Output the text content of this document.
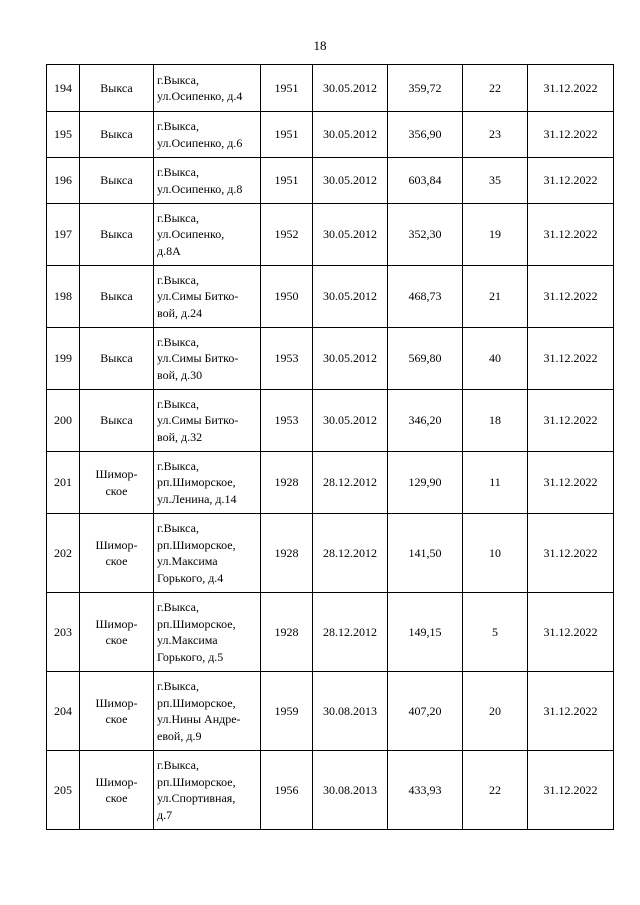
18
194	Выкса	г.Выкса,
ул.Осипенко, д.4	1951	30.05.2012	359,72	22	31.12.2022
195	Выкса	г.Выкса,
ул.Осипенко, д.6	1951	30.05.2012	356,90	23	31.12.2022
196	Выкса	г.Выкса,
ул.Осипенко, д.8	1951	30.05.2012	603,84	35	31.12.2022
197	Выкса	г.Выкса,
ул.Осипенко,
д.8А	1952	30.05.2012	352,30	19	31.12.2022
198	Выкса	г.Выкса,
ул.Симы Битко-
вой, д.24	1950	30.05.2012	468,73	21	31.12.2022
199	Выкса	г.Выкса,
ул.Симы Битко-
вой, д.30	1953	30.05.2012	569,80	40	31.12.2022
200	Выкса	г.Выкса,
ул.Симы Битко-
вой, д.32	1953	30.05.2012	346,20	18	31.12.2022
201	Шимор-
ское	г.Выкса,
рп.Шиморское,
ул.Ленина, д.14	1928	28.12.2012	129,90	11	31.12.2022
202	Шимор-
ское	г.Выкса,
рп.Шиморское,
ул.Максима
Горького, д.4	1928	28.12.2012	141,50	10	31.12.2022
203	Шимор-
ское	г.Выкса,
рп.Шиморское,
ул.Максима
Горького, д.5	1928	28.12.2012	149,15	5	31.12.2022
204	Шимор-
ское	г.Выкса,
рп.Шиморское,
ул.Нины Андре-
евой, д.9	1959	30.08.2013	407,20	20	31.12.2022
205	Шимор-
ское	г.Выкса,
рп.Шиморское,
ул.Спортивная,
д.7	1956	30.08.2013	433,93	22	31.12.2022
